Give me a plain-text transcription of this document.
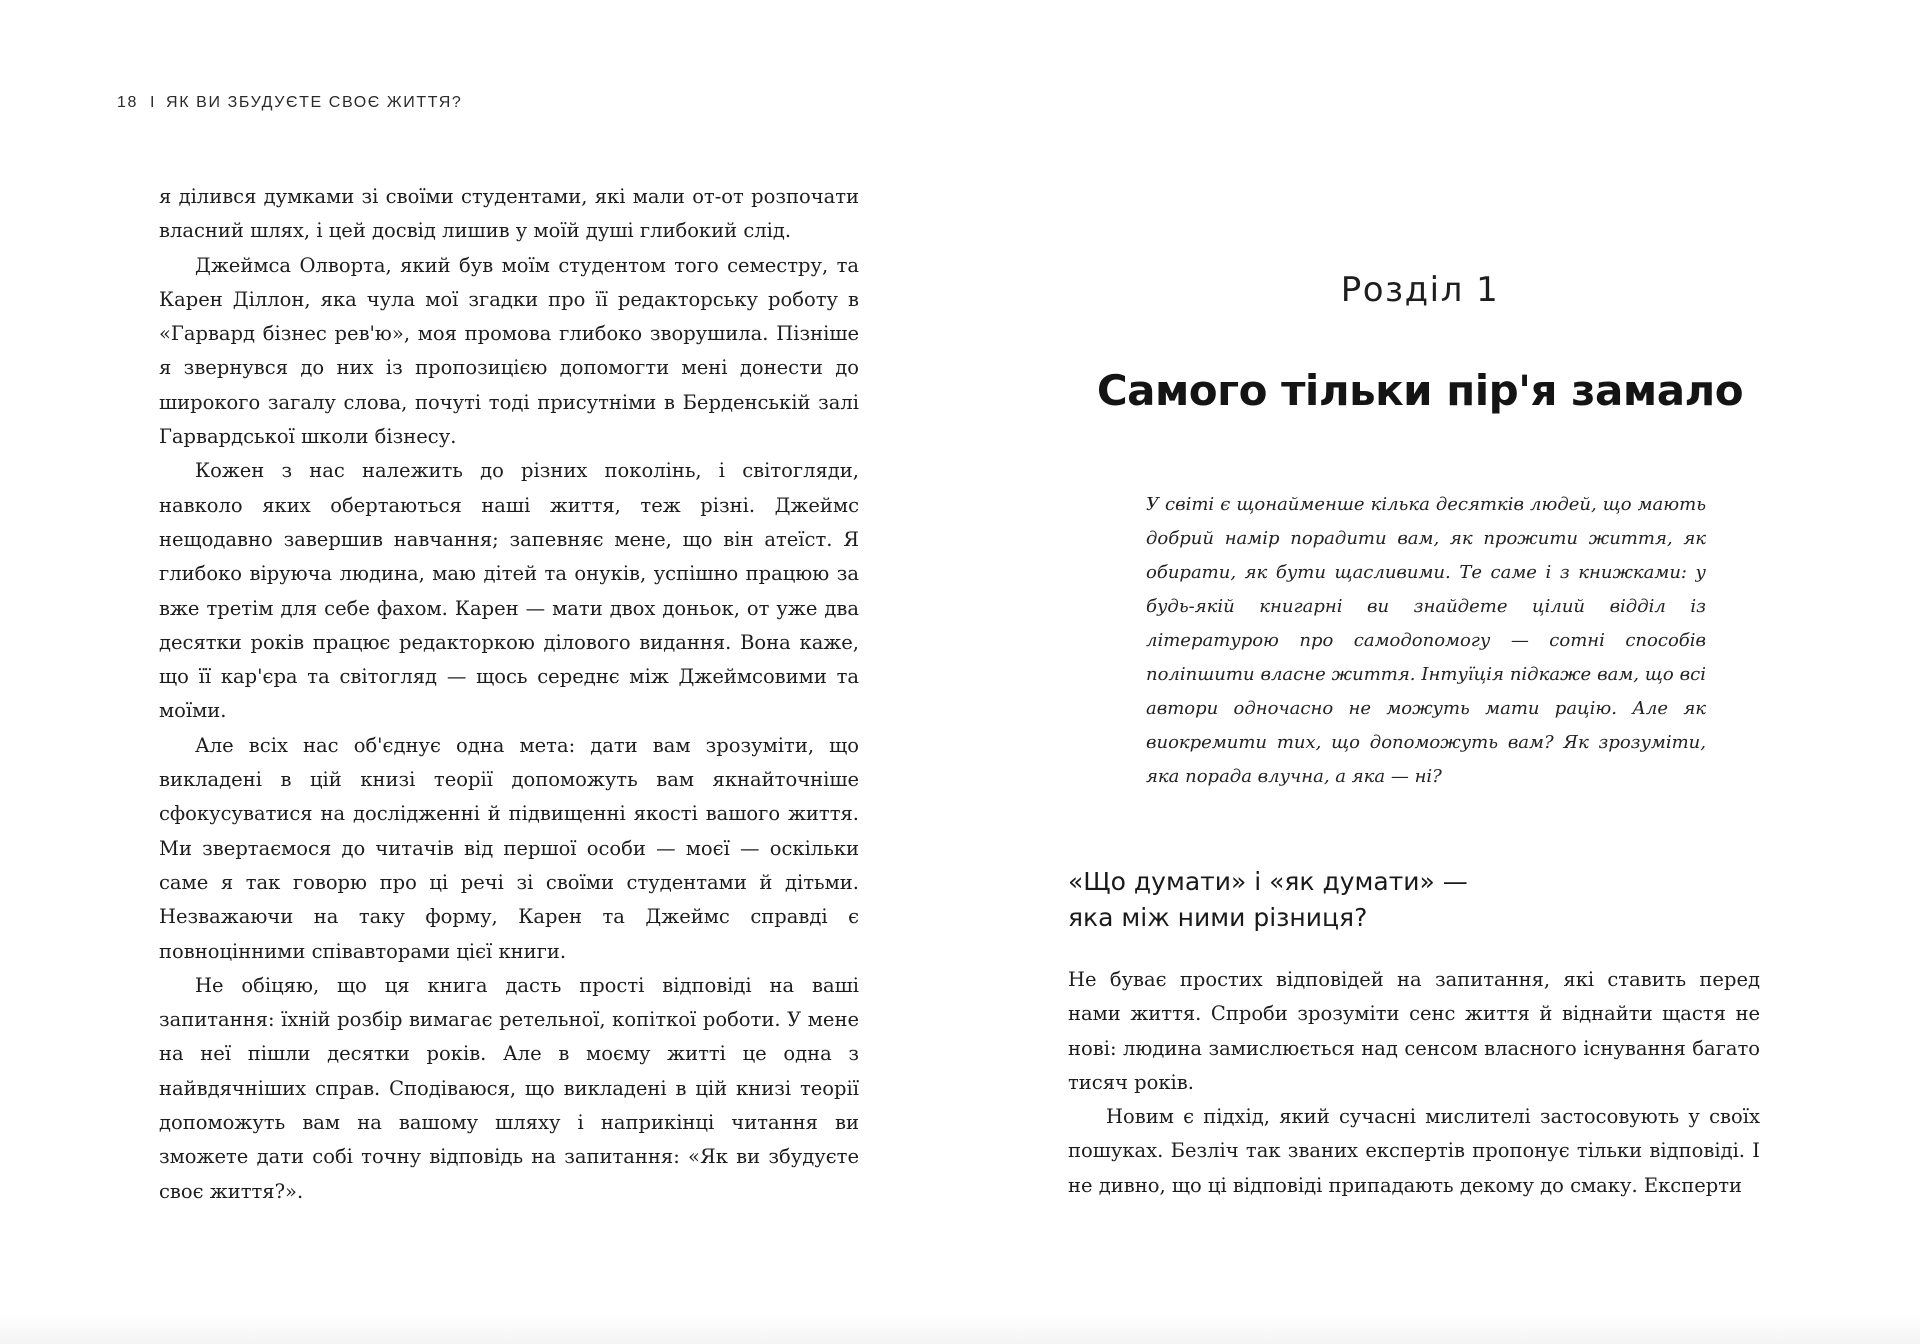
18 I ЯК ВИ ЗБУДУЄТЕ СВОЄ ЖИТТЯ?

я ділився думками зі своїми студентами, які мали от-от розпочати власний шлях, і цей досвід лишив у моїй душі глибокий слід.

Джеймса Олворта, який був моїм студентом того семестру, та Карен Діллон, яка чула мої згадки про її редакторську роботу в «Гарвард бізнес рев'ю», моя промова глибоко зворушила. Пізніше я звернувся до них із пропозицією допомогти мені донести до широкого загалу слова, почуті тоді присутніми в Берденській залі Гарвардської школи бізнесу.

Кожен з нас належить до різних поколінь, і світогляди, навколо яких обертаються наші життя, теж різні. Джеймс нещодавно завершив навчання; запевняє мене, що він атеїст. Я глибоко віруюча людина, маю дітей та онуків, успішно працюю за вже третім для себе фахом. Карен — мати двох доньок, от уже два десятки років працює редакторкою ділового видання. Вона каже, що її кар'єра та світогляд — щось середнє між Джеймсовими та моїми.

Але всіх нас об'єднує одна мета: дати вам зрозуміти, що викладені в цій книзі теорії допоможуть вам якнайточніше сфокусуватися на дослідженні й підвищенні якості вашого життя. Ми звертаємося до читачів від першої особи — моєї — оскільки саме я так говорю про ці речі зі своїми студентами й дітьми. Незважаючи на таку форму, Карен та Джеймс справді є повноцінними співавторами цієї книги.

Не обіцяю, що ця книга дасть прості відповіді на ваші запитання: їхній розбір вимагає ретельної, копіткої роботи. У мене на неї пішли десятки років. Але в моєму житті це одна з найвдячніших справ. Сподіваюся, що викладені в цій книзі теорії допоможуть вам на вашому шляху і наприкінці читання ви зможете дати собі точну відповідь на запитання: «Як ви збудуєте своє життя?».

Розділ 1
Самого тільки пір'я замало
У світі є щонайменше кілька десятків людей, що мають добрий намір порадити вам, як прожити життя, як обирати, як бути щасливими. Те саме і з книжками: у будь-якій книгарні ви знайдете цілий відділ із літературою про самодопомогу — сотні способів поліпшити власне життя. Інтуїція підкаже вам, що всі автори одночасно не можуть мати рацію. Але як виокремити тих, що допоможуть вам? Як зрозуміти, яка порада влучна, а яка — ні?
«Що думати» і «як думати» —
яка між ними різниця?

Не буває простих відповідей на запитання, які ставить перед нами життя. Спроби зрозуміти сенс життя й віднайти щастя не нові: людина замислюється над сенсом власного існування багато тисяч років.

Новим є підхід, який сучасні мислителі застосовують у своїх пошуках. Безліч так званих експертів пропонує тільки відповіді. І не дивно, що ці відповіді припадають декому до смаку. Експерти
